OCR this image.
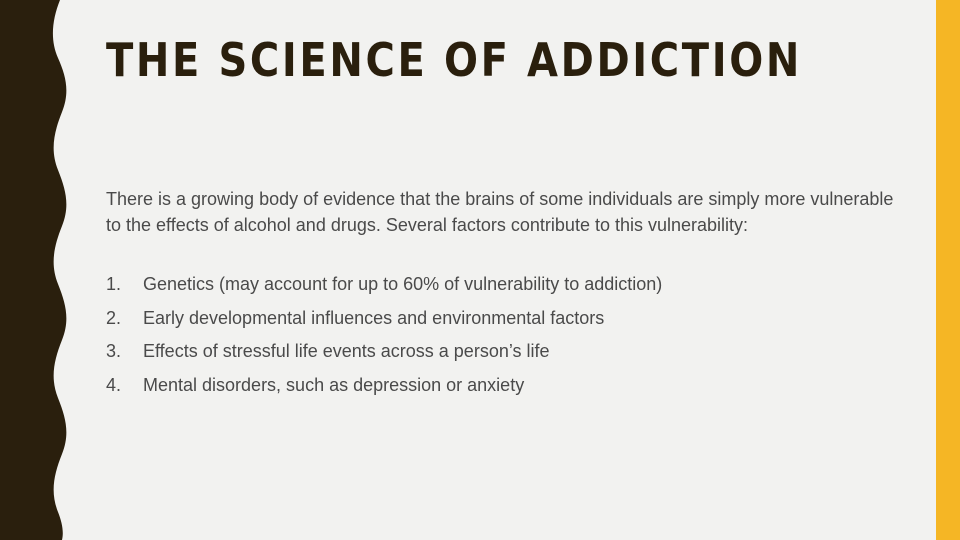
THE SCIENCE OF ADDICTION
There is a growing body of evidence that the brains of some individuals are simply more vulnerable to the effects of alcohol and drugs. Several factors contribute to this vulnerability:
1.	Genetics (may account for up to 60% of vulnerability to addiction)
2.	Early developmental influences and environmental factors
3.	Effects of stressful life events across a person’s life
4.	Mental disorders, such as depression or anxiety
